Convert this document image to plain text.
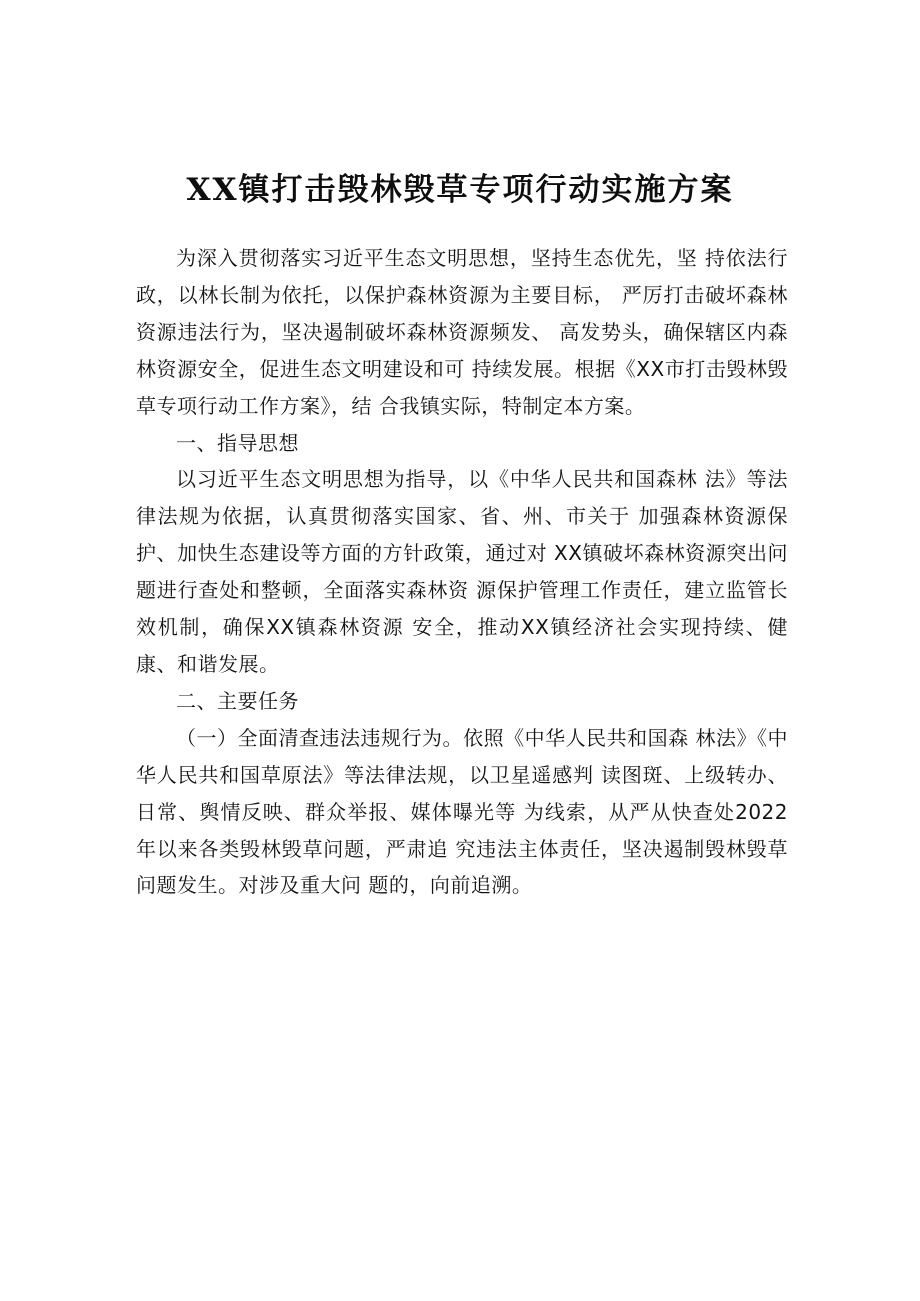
XX镇打击毁林毁草专项行动实施方案

为深入贯彻落实习近平生态文明思想，坚持生态优先，坚 持依法行政，以林长制为依托，以保护森林资源为主要目标， 严厉打击破坏森林资源违法行为，坚决遏制破坏森林资源频发、 高发势头，确保辖区内森林资源安全，促进生态文明建设和可 持续发展。根据《XX市打击毁林毁草专项行动工作方案》，结 合我镇实际，特制定本方案。

一、指导思想

以习近平生态文明思想为指导，以《中华人民共和国森林 法》等法律法规为依据，认真贯彻落实国家、省、州、市关于 加强森林资源保护、加快生态建设等方面的方针政策，通过对 XX镇破坏森林资源突出问题进行查处和整顿，全面落实森林资 源保护管理工作责任，建立监管长效机制，确保XX镇森林资源 安全，推动XX镇经济社会实现持续、健康、和谐发展。

二、主要任务

（一）全面清查违法违规行为。依照《中华人民共和国森 林法》《中华人民共和国草原法》等法律法规，以卫星遥感判 读图斑、上级转办、日常、舆情反映、群众举报、媒体曝光等 为线索，从严从快查处2022年以来各类毁林毁草问题，严肃追 究违法主体责任，坚决遏制毁林毁草问题发生。对涉及重大问 题的，向前追溯。
